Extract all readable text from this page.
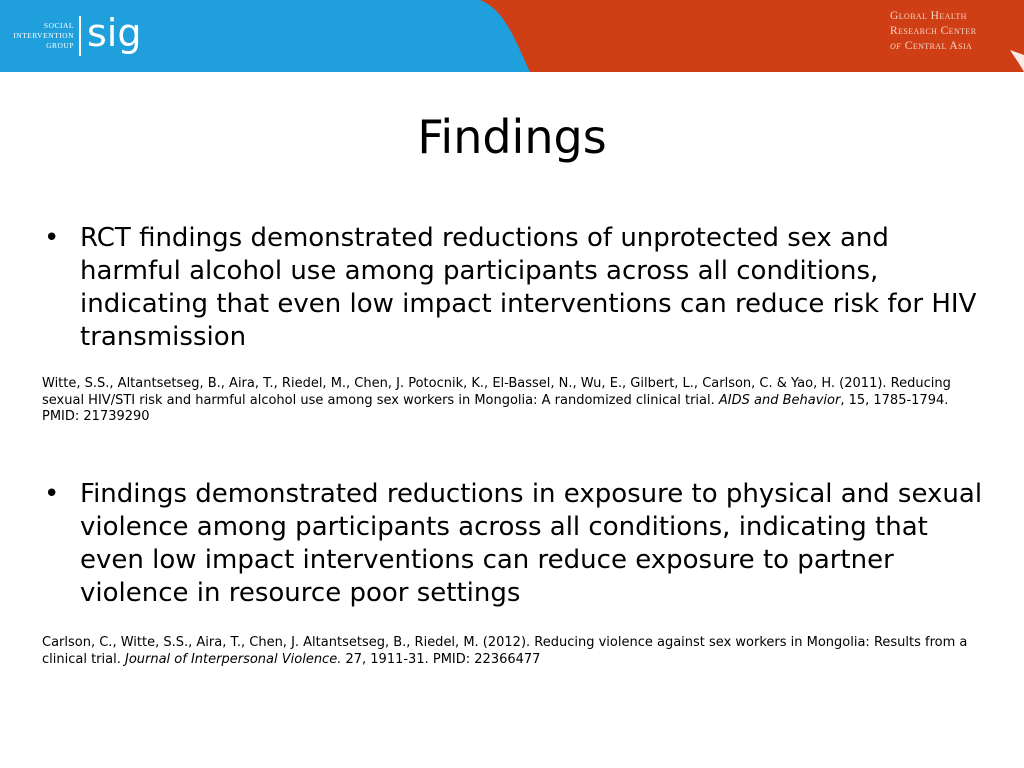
SOCIAL
INTERVENTION
GROUP sig	Global Health
Research Center
of Central Asia
Findings
• RCT findings demonstrated reductions of unprotected sex and harmful alcohol use among participants across all conditions, indicating that even low impact interventions can reduce risk for HIV transmission
Witte, S.S., Altantsetseg, B., Aira, T., Riedel, M., Chen, J. Potocnik, K., El-Bassel, N., Wu, E., Gilbert, L., Carlson, C. & Yao, H. (2011). Reducing sexual HIV/STI risk and harmful alcohol use among sex workers in Mongolia: A randomized clinical trial. AIDS and Behavior, 15, 1785-1794. PMID: 21739290
• Findings demonstrated reductions in exposure to physical and sexual violence among participants across all conditions, indicating that even low impact interventions can reduce exposure to partner violence in resource poor settings
Carlson, C., Witte, S.S., Aira, T., Chen, J. Altantsetseg, B., Riedel, M. (2012). Reducing violence against sex workers in Mongolia: Results from a clinical trial. Journal of Interpersonal Violence. 27, 1911-31. PMID: 22366477
